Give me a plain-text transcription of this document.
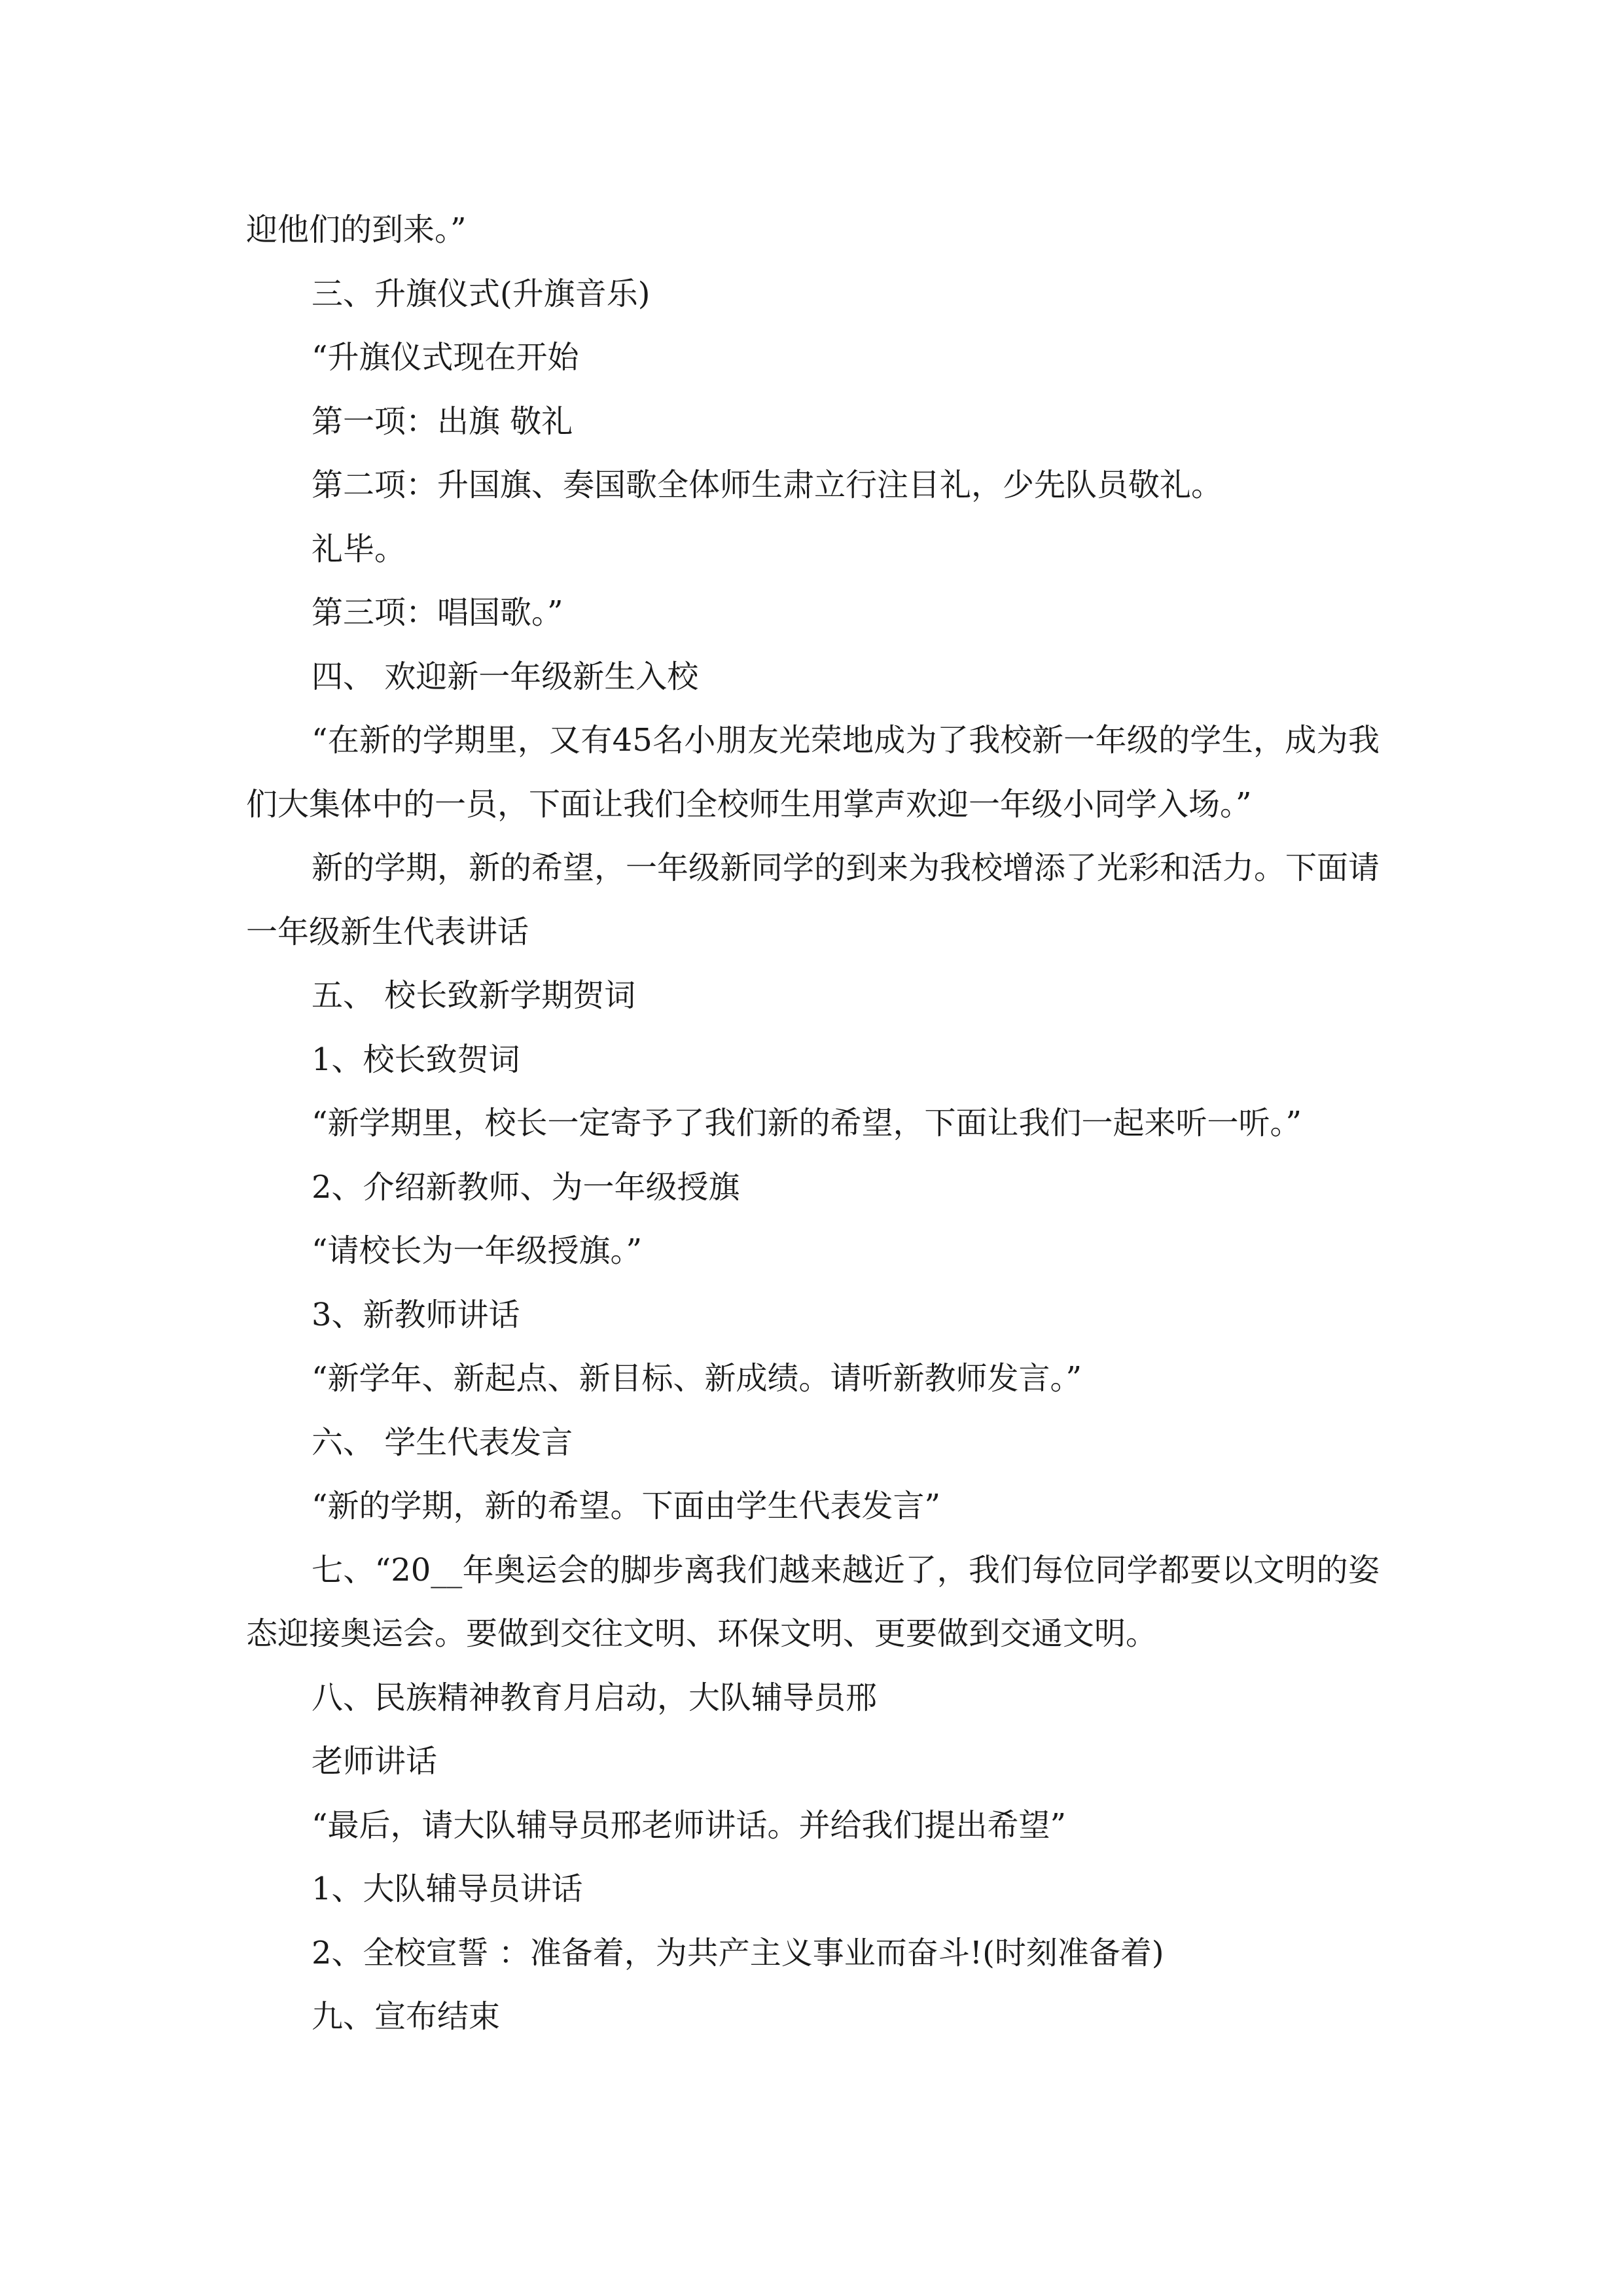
迎他们的到来。”

三、升旗仪式(升旗音乐)

“升旗仪式现在开始

第一项：出旗 敬礼

第二项：升国旗、奏国歌全体师生肃立行注目礼，少先队员敬礼。

礼毕。

第三项：唱国歌。”

四、 欢迎新一年级新生入校

“在新的学期里，又有45名小朋友光荣地成为了我校新一年级的学生，成为我们大集体中的一员，下面让我们全校师生用掌声欢迎一年级小同学入场。”

新的学期，新的希望，一年级新同学的到来为我校增添了光彩和活力。下面请一年级新生代表讲话

五、 校长致新学期贺词

1、校长致贺词

“新学期里，校长一定寄予了我们新的希望，下面让我们一起来听一听。”

2、介绍新教师、为一年级授旗

“请校长为一年级授旗。”

3、新教师讲话

“新学年、新起点、新目标、新成绩。请听新教师发言。”

六、 学生代表发言

“新的学期，新的希望。下面由学生代表发言”

七、“20__年奥运会的脚步离我们越来越近了，我们每位同学都要以文明的姿态迎接奥运会。要做到交往文明、环保文明、更要做到交通文明。

八、民族精神教育月启动，大队辅导员邢

老师讲话

“最后，请大队辅导员邢老师讲话。并给我们提出希望”

1、大队辅导员讲话

2、全校宣誓 ：准备着，为共产主义事业而奋斗!(时刻准备着)

九、宣布结束
